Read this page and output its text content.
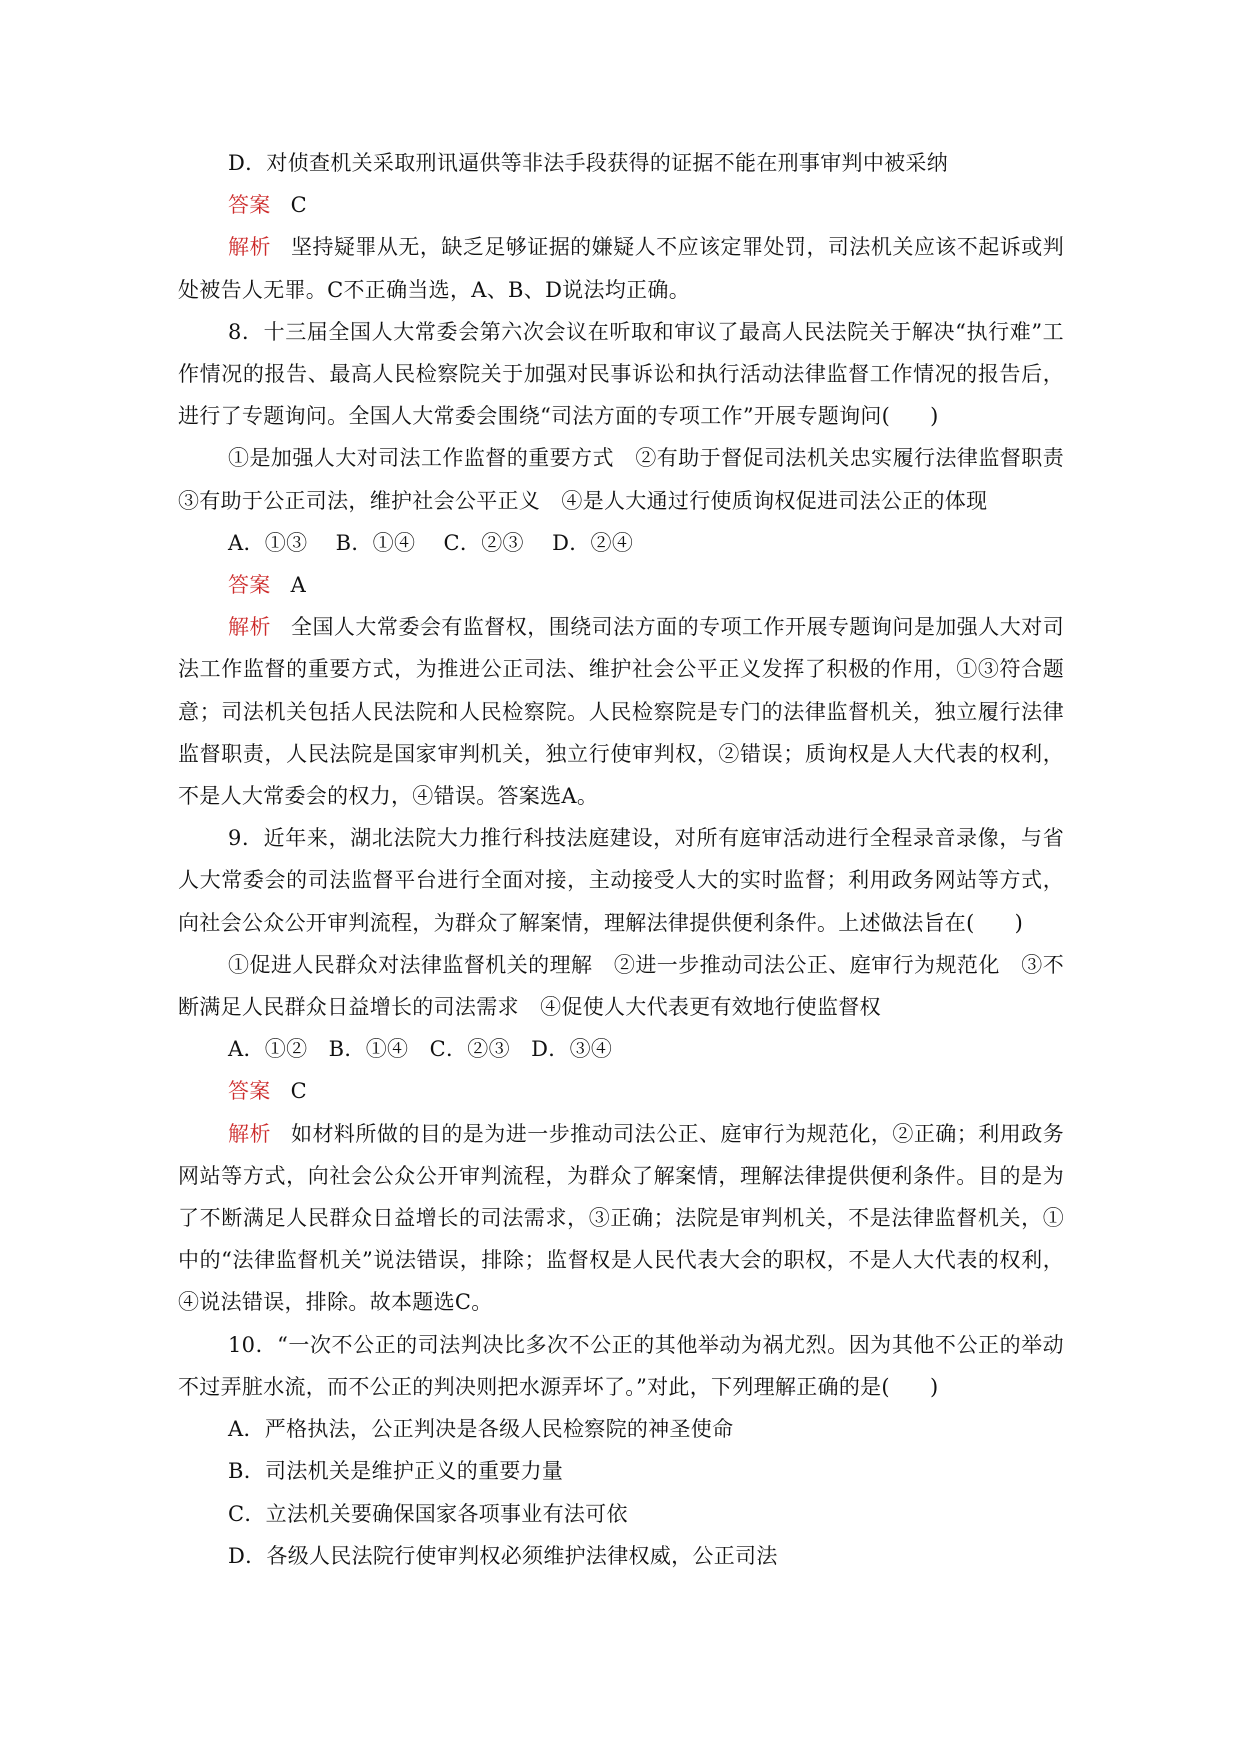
D．对侦查机关采取刑讯逼供等非法手段获得的证据不能在刑事审判中被采纳

答案 C

解析 坚持疑罪从无，缺乏足够证据的嫌疑人不应该定罪处罚，司法机关应该不起诉或判处被告人无罪。C不正确当选，A、B、D说法均正确。

8．十三届全国人大常委会第六次会议在听取和审议了最高人民法院关于解决“执行难”工作情况的报告、最高人民检察院关于加强对民事诉讼和执行活动法律监督工作情况的报告后，进行了专题询问。全国人大常委会围绕“司法方面的专项工作”开展专题询问( )

①是加强人大对司法工作监督的重要方式　②有助于督促司法机关忠实履行法律监督职责　③有助于公正司法，维护社会公平正义　④是人大通过行使质询权促进司法公正的体现

A．①③　 B．①④　 C．②③　 D．②④

答案 A

解析 全国人大常委会有监督权，围绕司法方面的专项工作开展专题询问是加强人大对司法工作监督的重要方式，为推进公正司法、维护社会公平正义发挥了积极的作用，①③符合题意；司法机关包括人民法院和人民检察院。人民检察院是专门的法律监督机关，独立履行法律监督职责，人民法院是国家审判机关，独立行使审判权，②错误；质询权是人大代表的权利，不是人大常委会的权力，④错误。答案选A。

9．近年来，湖北法院大力推行科技法庭建设，对所有庭审活动进行全程录音录像，与省人大常委会的司法监督平台进行全面对接，主动接受人大的实时监督；利用政务网站等方式，向社会公众公开审判流程，为群众了解案情，理解法律提供便利条件。上述做法旨在( )

①促进人民群众对法律监督机关的理解　②进一步推动司法公正、庭审行为规范化　③不断满足人民群众日益增长的司法需求　④促使人大代表更有效地行使监督权

A．①②　B．①④　C．②③　D．③④

答案 C

解析 如材料所做的目的是为进一步推动司法公正、庭审行为规范化，②正确；利用政务网站等方式，向社会公众公开审判流程，为群众了解案情，理解法律提供便利条件。目的是为了不断满足人民群众日益增长的司法需求，③正确；法院是审判机关，不是法律监督机关，①中的“法律监督机关”说法错误，排除；监督权是人民代表大会的职权，不是人大代表的权利，④说法错误，排除。故本题选C。

10．“一次不公正的司法判决比多次不公正的其他举动为祸尤烈。因为其他不公正的举动不过弄脏水流，而不公正的判决则把水源弄坏了。”对此，下列理解正确的是( )

A．严格执法，公正判决是各级人民检察院的神圣使命

B．司法机关是维护正义的重要力量

C．立法机关要确保国家各项事业有法可依

D．各级人民法院行使审判权必须维护法律权威，公正司法
